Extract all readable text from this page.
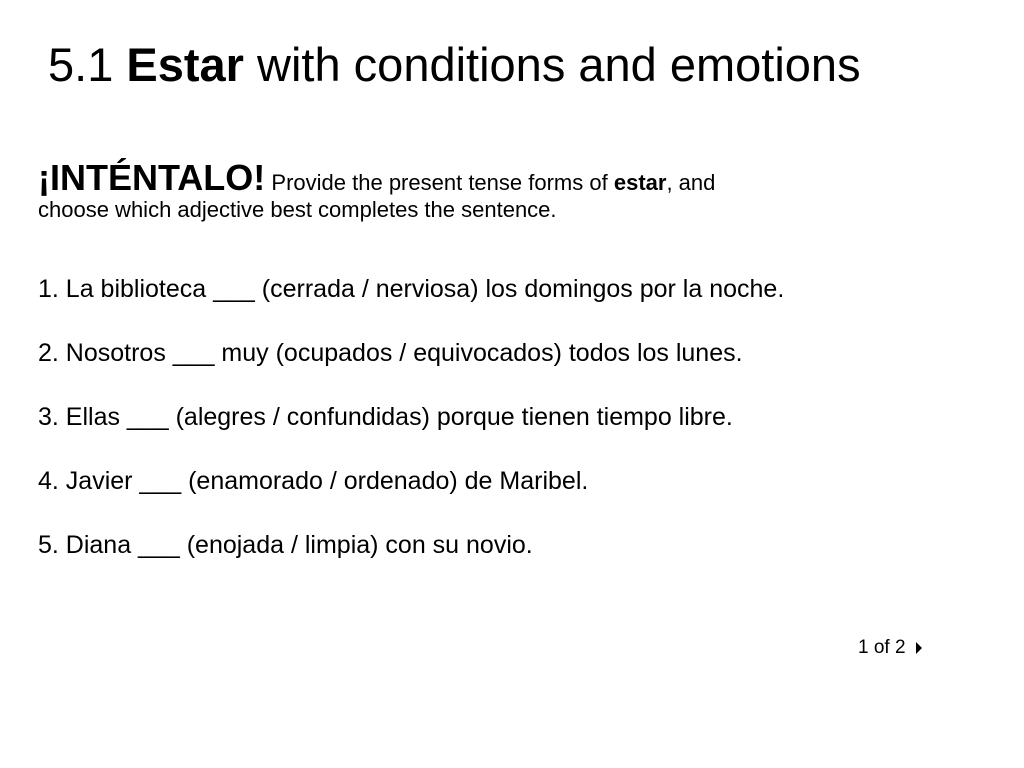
5.1 Estar with conditions and emotions

¡INTÉNTALO! Provide the present tense forms of estar, and
choose which adjective best completes the sentence.

1. La biblioteca ___ (cerrada / nerviosa) los domingos por la noche.
2. Nosotros ___ muy (ocupados / equivocados) todos los lunes.
3. Ellas ___ (alegres / confundidas) porque tienen tiempo libre.
4. Javier ___ (enamorado / ordenado) de Maribel.
5. Diana ___ (enojada / limpia) con su novio.
1 of 2
